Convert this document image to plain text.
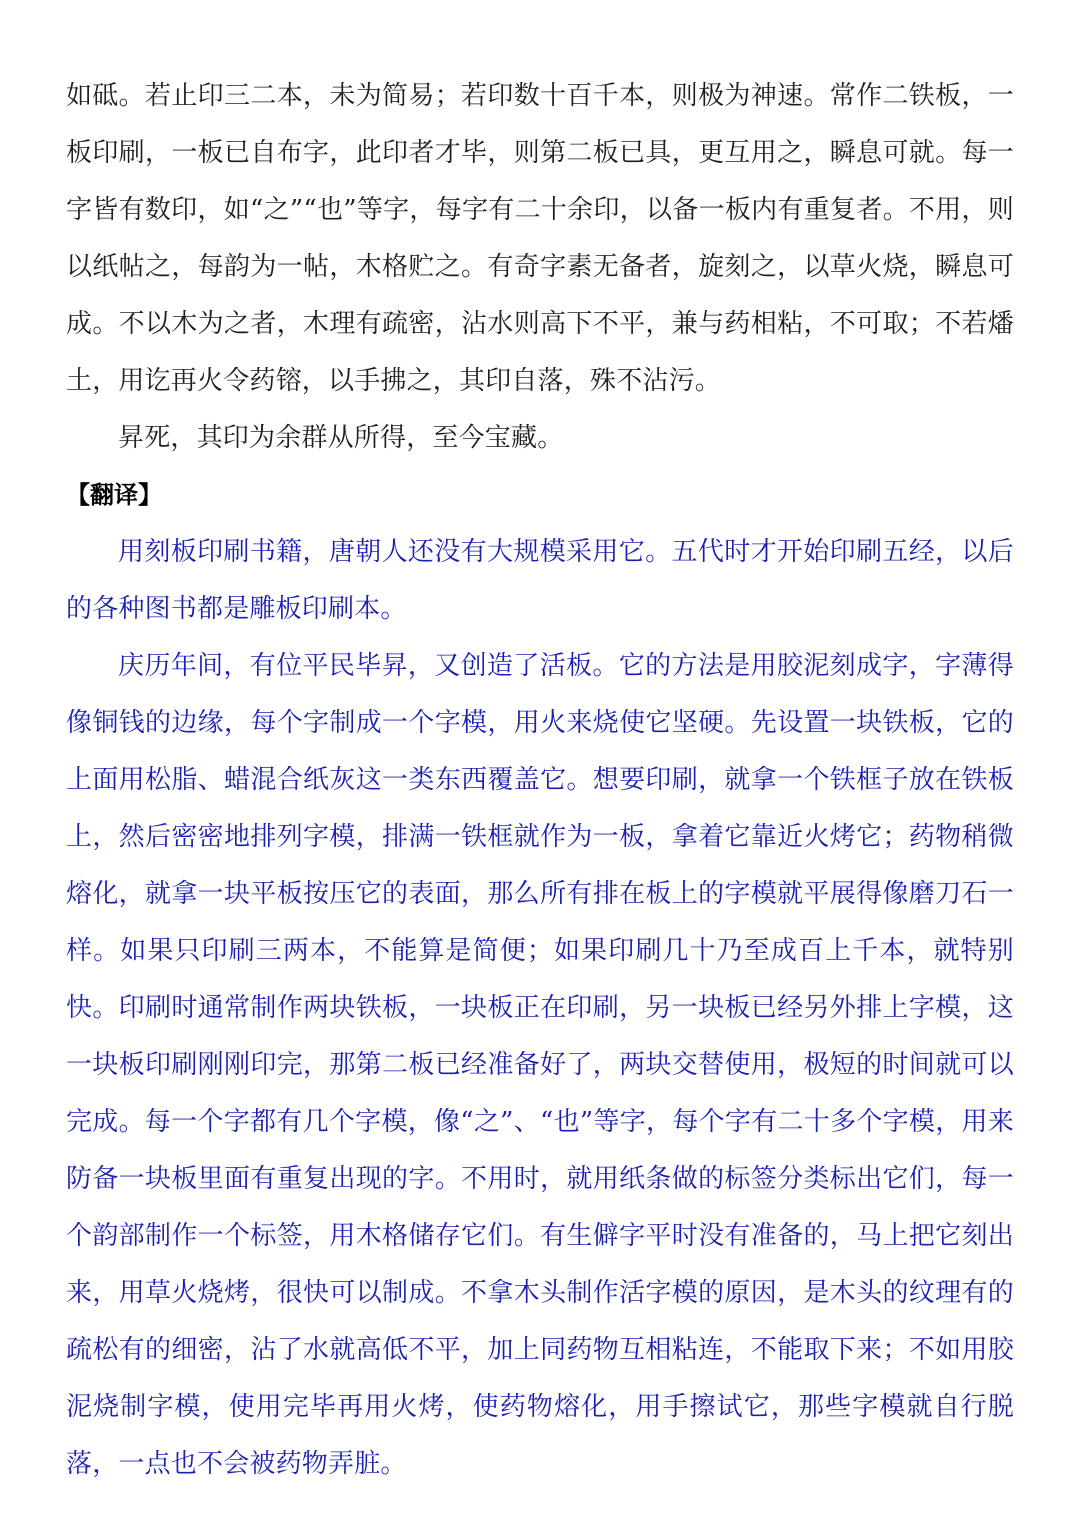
如砥。若止印三二本，未为简易；若印数十百千本，则极为神速。常作二铁板，一板印刷，一板已自布字，此印者才毕，则第二板已具，更互用之，瞬息可就。每一字皆有数印，如“之”“也”等字，每字有二十余印，以备一板内有重复者。不用，则以纸帖之，每韵为一帖，木格贮之。有奇字素无备者，旋刻之，以草火烧，瞬息可成。不以木为之者，木理有疏密，沾水则高下不平，兼与药相粘，不可取；不若燔土，用讫再火令药镕，以手拂之，其印自落，殊不沾污。

昇死，其印为余群从所得，至今宝藏。

【翻译】

用刻板印刷书籍，唐朝人还没有大规模采用它。五代时才开始印刷五经，以后的各种图书都是雕板印刷本。

庆历年间，有位平民毕昇，又创造了活板。它的方法是用胶泥刻成字，字薄得像铜钱的边缘，每个字制成一个字模，用火来烧使它坚硬。先设置一块铁板，它的上面用松脂、蜡混合纸灰这一类东西覆盖它。想要印刷，就拿一个铁框子放在铁板上，然后密密地排列字模，排满一铁框就作为一板，拿着它靠近火烤它；药物稍微熔化，就拿一块平板按压它的表面，那么所有排在板上的字模就平展得像磨刀石一样。如果只印刷三两本，不能算是简便；如果印刷几十乃至成百上千本，就特别快。印刷时通常制作两块铁板，一块板正在印刷，另一块板已经另外排上字模，这一块板印刷刚刚印完，那第二板已经准备好了，两块交替使用，极短的时间就可以完成。每一个字都有几个字模，像“之”、“也”等字，每个字有二十多个字模，用来防备一块板里面有重复出现的字。不用时，就用纸条做的标签分类标出它们，每一个韵部制作一个标签，用木格储存它们。有生僻字平时没有准备的，马上把它刻出来，用草火烧烤，很快可以制成。不拿木头制作活字模的原因，是木头的纹理有的疏松有的细密，沾了水就高低不平，加上同药物互相粘连，不能取下来；不如用胶泥烧制字模，使用完毕再用火烤，使药物熔化，用手擦试它，那些字模就自行脱落，一点也不会被药物弄脏。
